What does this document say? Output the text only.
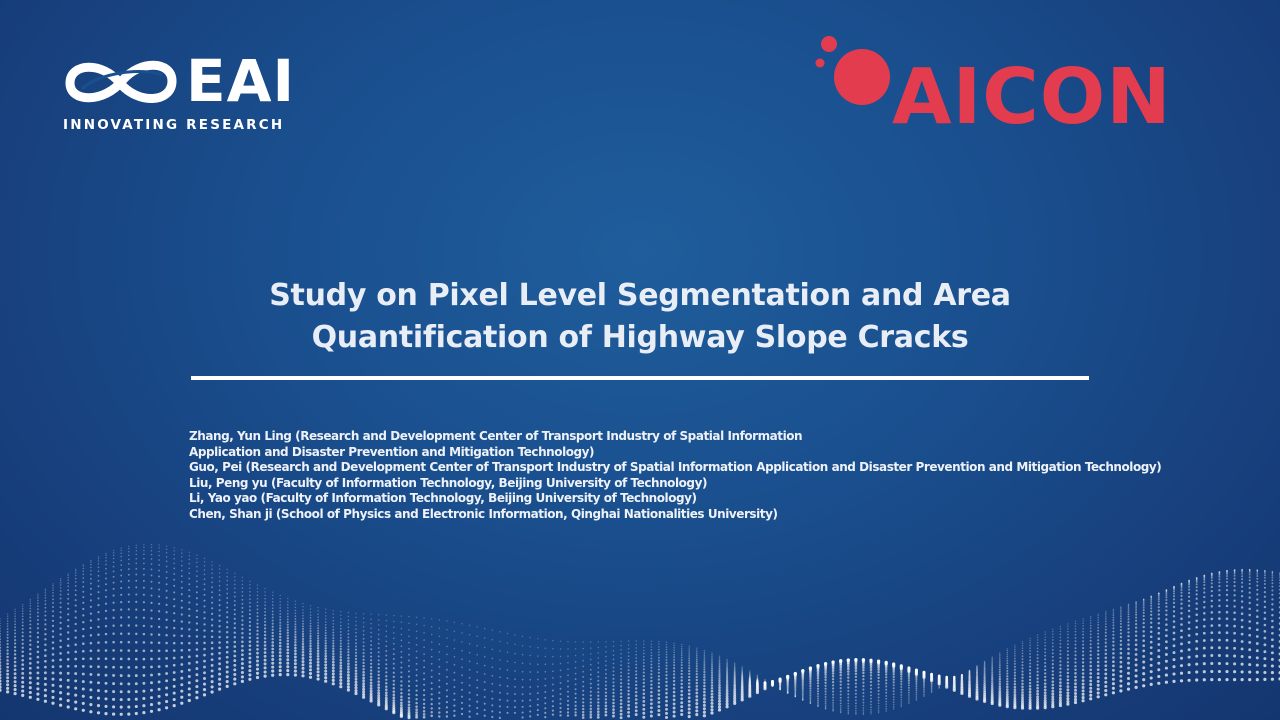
EAI
INNOVATING RESEARCH	AICON
Study on Pixel Level Segmentation and Area
Quantification of Highway Slope Cracks
Zhang, Yun Ling (Research and Development Center of Transport Industry of Spatial Information
Application and Disaster Prevention and Mitigation Technology)
Guo, Pei (Research and Development Center of Transport Industry of Spatial Information Application and Disaster Prevention and Mitigation Technology)
Liu, Peng yu (Faculty of Information Technology, Beijing University of Technology)
Li, Yao yao (Faculty of Information Technology, Beijing University of Technology)
Chen, Shan ji (School of Physics and Electronic Information, Qinghai Nationalities University)
